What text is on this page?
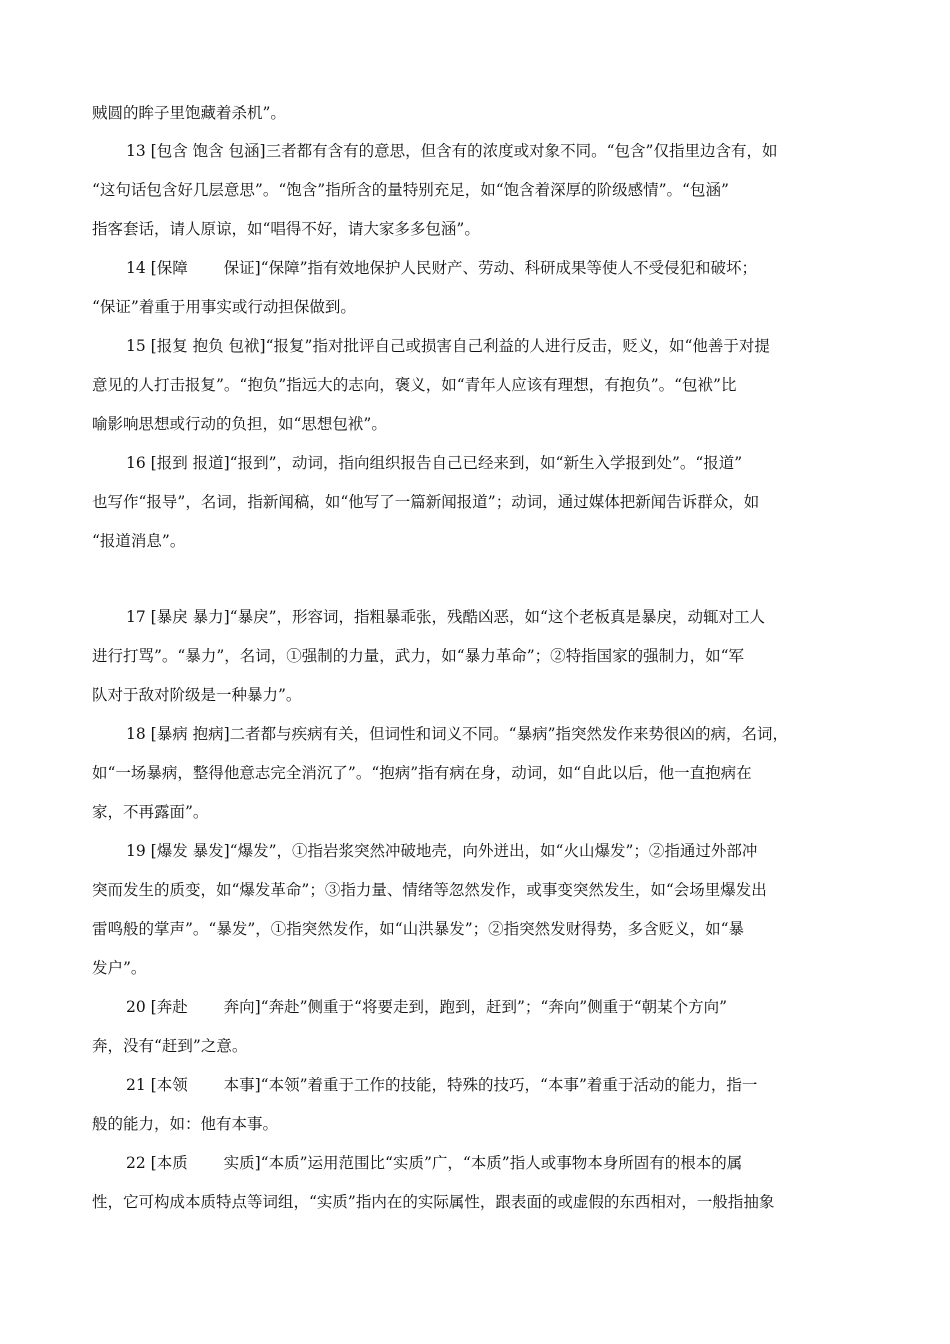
贼圆的眸子里饱藏着杀机”。
13 [包含 饱含 包涵]三者都有含有的意思，但含有的浓度或对象不同。“包含”仅指里边含有，如
“这句话包含好几层意思”。“饱含”指所含的量特别充足，如“饱含着深厚的阶级感情”。“包涵”
指客套话，请人原谅，如“唱得不好，请大家多多包涵”。
14 [保障　　 保证]“保障”指有效地保护人民财产、劳动、科研成果等使人不受侵犯和破坏；
“保证”着重于用事实或行动担保做到。
15 [报复 抱负 包袱]“报复”指对批评自己或损害自己利益的人进行反击，贬义，如“他善于对提
意见的人打击报复”。“抱负”指远大的志向，褒义，如“青年人应该有理想，有抱负”。“包袱”比
喻影响思想或行动的负担，如“思想包袱”。
16 [报到 报道]“报到”，动词，指向组织报告自己已经来到，如“新生入学报到处”。“报道”
也写作“报导”，名词，指新闻稿，如“他写了一篇新闻报道”；动词，通过媒体把新闻告诉群众，如
“报道消息”。
17 [暴戾 暴力]“暴戾”，形容词，指粗暴乖张，残酷凶恶，如“这个老板真是暴戾，动辄对工人
进行打骂”。“暴力”，名词，①强制的力量，武力，如“暴力革命”；②特指国家的强制力，如“军
队对于敌对阶级是一种暴力”。
18 [暴病 抱病]二者都与疾病有关，但词性和词义不同。“暴病”指突然发作来势很凶的病，名词，
如“一场暴病，整得他意志完全消沉了”。“抱病”指有病在身，动词，如“自此以后，他一直抱病在
家，不再露面”。
19 [爆发 暴发]“爆发”，①指岩浆突然冲破地壳，向外迸出，如“火山爆发”；②指通过外部冲
突而发生的质变，如“爆发革命”；③指力量、情绪等忽然发作，或事变突然发生，如“会场里爆发出
雷鸣般的掌声”。“暴发”，①指突然发作，如“山洪暴发”；②指突然发财得势，多含贬义，如“暴
发户”。
20 [奔赴　　 奔向]“奔赴”侧重于“将要走到，跑到，赶到”；“奔向”侧重于“朝某个方向”
奔，没有“赶到”之意。
21 [本领　　 本事]“本领”着重于工作的技能，特殊的技巧，“本事”着重于活动的能力，指一
般的能力，如：他有本事。
22 [本质　　 实质]“本质”运用范围比“实质”广，“本质”指人或事物本身所固有的根本的属
性，它可构成本质特点等词组，“实质”指内在的实际属性，跟表面的或虚假的东西相对，一般指抽象
